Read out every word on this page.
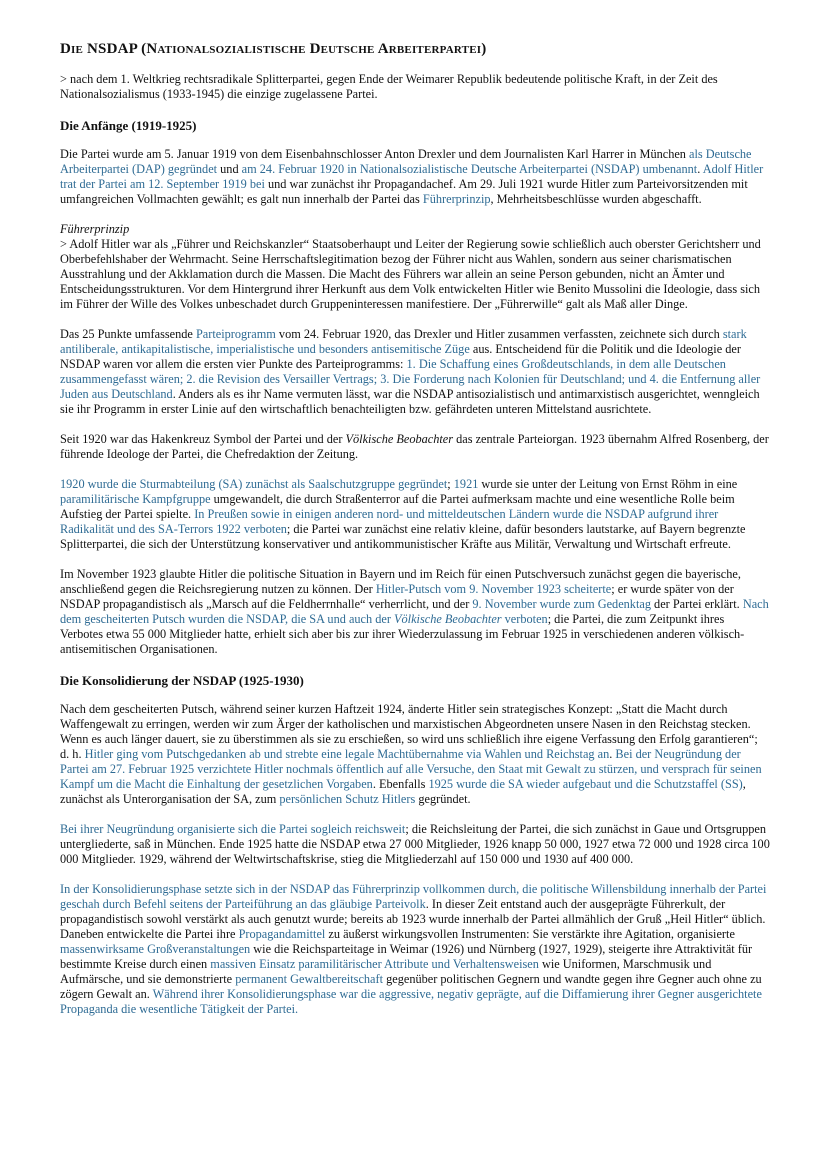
Die NSDAP (Nationalsozialistische Deutsche Arbeiterpartei)

> nach dem 1. Weltkrieg rechtsradikale Splitterpartei, gegen Ende der Weimarer Republik bedeutende politische Kraft, in der Zeit des Nationalsozialismus (1933-1945) die einzige zugelassene Partei.

Die Anfänge (1919-1925)

Die Partei wurde am 5. Januar 1919 von dem Eisenbahnschlosser Anton Drexler und dem Journalisten Karl Harrer in München als Deutsche Arbeiterpartei (DAP) gegründet und am 24. Februar 1920 in Nationalsozialistische Deutsche Arbeiterpartei (NSDAP) umbenannt. Adolf Hitler trat der Partei am 12. September 1919 bei und war zunächst ihr Propagandachef. Am 29. Juli 1921 wurde Hitler zum Parteivorsitzenden mit umfangreichen Vollmachten gewählt; es galt nun innerhalb der Partei das Führerprinzip, Mehrheitsbeschlüsse wurden abgeschafft.

Führerprinzip

> Adolf Hitler war als „Führer und Reichskanzler“ Staatsoberhaupt und Leiter der Regierung sowie schließlich auch oberster Gerichtsherr und Oberbefehlshaber der Wehrmacht. Seine Herrschaftslegitimation bezog der Führer nicht aus Wahlen, sondern aus seiner charismatischen Ausstrahlung und der Akklamation durch die Massen. Die Macht des Führers war allein an seine Person gebunden, nicht an Ämter und Entscheidungsstrukturen. Vor dem Hintergrund ihrer Herkunft aus dem Volk entwickelten Hitler wie Benito Mussolini die Ideologie, dass sich im Führer der Wille des Volkes unbeschadet durch Gruppeninteressen manifestiere. Der „Führerwille“ galt als Maß aller Dinge.

Das 25 Punkte umfassende Parteiprogramm vom 24. Februar 1920, das Drexler und Hitler zusammen verfassten, zeichnete sich durch stark antiliberale, antikapitalistische, imperialistische und besonders antisemitische Züge aus. Entscheidend für die Politik und die Ideologie der NSDAP waren vor allem die ersten vier Punkte des Parteiprogramms: 1. Die Schaffung eines Großdeutschlands, in dem alle Deutschen zusammengefasst wären; 2. die Revision des Versailler Vertrags; 3. Die Forderung nach Kolonien für Deutschland; und 4. die Entfernung aller Juden aus Deutschland. Anders als es ihr Name vermuten lässt, war die NSDAP antisozialistisch und antimarxistisch ausgerichtet, wenngleich sie ihr Programm in erster Linie auf den wirtschaftlich benachteiligten bzw. gefährdeten unteren Mittelstand ausrichtete.

Seit 1920 war das Hakenkreuz Symbol der Partei und der Völkische Beobachter das zentrale Parteiorgan. 1923 übernahm Alfred Rosenberg, der führende Ideologe der Partei, die Chefredaktion der Zeitung.

1920 wurde die Sturmabteilung (SA) zunächst als Saalschutzgruppe gegründet; 1921 wurde sie unter der Leitung von Ernst Röhm in eine paramilitärische Kampfgruppe umgewandelt, die durch Straßenterror auf die Partei aufmerksam machte und eine wesentliche Rolle beim Aufstieg der Partei spielte. In Preußen sowie in einigen anderen nord- und mitteldeutschen Ländern wurde die NSDAP aufgrund ihrer Radikalität und des SA-Terrors 1922 verboten; die Partei war zunächst eine relativ kleine, dafür besonders lautstarke, auf Bayern begrenzte Splitterpartei, die sich der Unterstützung konservativer und antikommunistischer Kräfte aus Militär, Verwaltung und Wirtschaft erfreute.

Im November 1923 glaubte Hitler die politische Situation in Bayern und im Reich für einen Putschversuch zunächst gegen die bayerische, anschließend gegen die Reichsregierung nutzen zu können. Der Hitler-Putsch vom 9. November 1923 scheiterte; er wurde später von der NSDAP propagandistisch als „Marsch auf die Feldherrnhalle“ verherrlicht, und der 9. November wurde zum Gedenktag der Partei erklärt. Nach dem gescheiterten Putsch wurden die NSDAP, die SA und auch der Völkische Beobachter verboten; die Partei, die zum Zeitpunkt ihres Verbotes etwa 55 000 Mitglieder hatte, erhielt sich aber bis zur ihrer Wiederzulassung im Februar 1925 in verschiedenen anderen völkisch-antisemitischen Organisationen.

Die Konsolidierung der NSDAP (1925-1930)

Nach dem gescheiterten Putsch, während seiner kurzen Haftzeit 1924, änderte Hitler sein strategisches Konzept: „Statt die Macht durch Waffengewalt zu erringen, werden wir zum Ärger der katholischen und marxistischen Abgeordneten unsere Nasen in den Reichstag stecken. Wenn es auch länger dauert, sie zu überstimmen als sie zu erschießen, so wird uns schließlich ihre eigene Verfassung den Erfolg garantieren“; d. h. Hitler ging vom Putschgedanken ab und strebte eine legale Machtübernahme via Wahlen und Reichstag an. Bei der Neugründung der Partei am 27. Februar 1925 verzichtete Hitler nochmals öffentlich auf alle Versuche, den Staat mit Gewalt zu stürzen, und versprach für seinen Kampf um die Macht die Einhaltung der gesetzlichen Vorgaben. Ebenfalls 1925 wurde die SA wieder aufgebaut und die Schutzstaffel (SS), zunächst als Unterorganisation der SA, zum persönlichen Schutz Hitlers gegründet.

Bei ihrer Neugründung organisierte sich die Partei sogleich reichsweit; die Reichsleitung der Partei, die sich zunächst in Gaue und Ortsgruppen untergliederte, saß in München. Ende 1925 hatte die NSDAP etwa 27 000 Mitglieder, 1926 knapp 50 000, 1927 etwa 72 000 und 1928 circa 100 000 Mitglieder. 1929, während der Weltwirtschaftskrise, stieg die Mitgliederzahl auf 150 000 und 1930 auf 400 000.

In der Konsolidierungsphase setzte sich in der NSDAP das Führerprinzip vollkommen durch, die politische Willensbildung innerhalb der Partei geschah durch Befehl seitens der Parteiführung an das gläubige Parteivolk. In dieser Zeit entstand auch der ausgeprägte Führerkult, der propagandistisch sowohl verstärkt als auch genutzt wurde; bereits ab 1923 wurde innerhalb der Partei allmählich der Gruß „Heil Hitler“ üblich. Daneben entwickelte die Partei ihre Propagandamittel zu äußerst wirkungsvollen Instrumenten: Sie verstärkte ihre Agitation, organisierte massenwirksame Großveranstaltungen wie die Reichsparteitage in Weimar (1926) und Nürnberg (1927, 1929), steigerte ihre Attraktivität für bestimmte Kreise durch einen massiven Einsatz paramilitärischer Attribute und Verhaltensweisen wie Uniformen, Marschmusik und Aufmärsche, und sie demonstrierte permanent Gewaltbereitschaft gegenüber politischen Gegnern und wandte gegen ihre Gegner auch ohne zu zögern Gewalt an. Während ihrer Konsolidierungsphase war die aggressive, negativ geprägte, auf die Diffamierung ihrer Gegner ausgerichtete Propaganda die wesentliche Tätigkeit der Partei.
